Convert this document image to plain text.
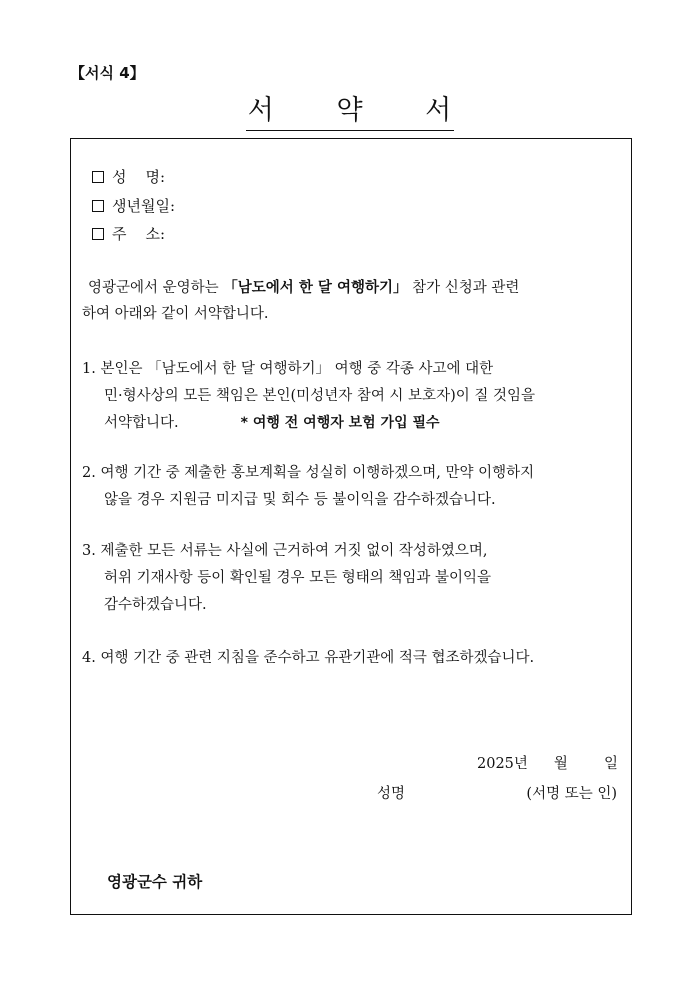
【서식 4】
서 약 서
성    명:
생년월일:
주    소:
영광군에서 운영하는 「남도에서 한 달 여행하기」 참가 신청과 관련
하여 아래와 같이 서약합니다.
1. 본인은 「남도에서 한 달 여행하기」 여행 중 각종 사고에 대한
민·형사상의 모든 책임은 본인(미성년자 참여 시 보호자)이 질 것임을
서약합니다.	* 여행 전 여행자 보험 가입 필수
2. 여행 기간 중 제출한 홍보계획을 성실히 이행하겠으며, 만약 이행하지
않을 경우 지원금 미지급 및 회수 등 불이익을 감수하겠습니다.
3. 제출한 모든 서류는 사실에 근거하여 거짓 없이 작성하였으며,
허위 기재사항 등이 확인될 경우 모든 형태의 책임과 불이익을
감수하겠습니다.
4. 여행 기간 중 관련 지침을 준수하고 유관기관에 적극 협조하겠습니다.
2025년 월 일
성명	(서명 또는 인)
영광군수 귀하
